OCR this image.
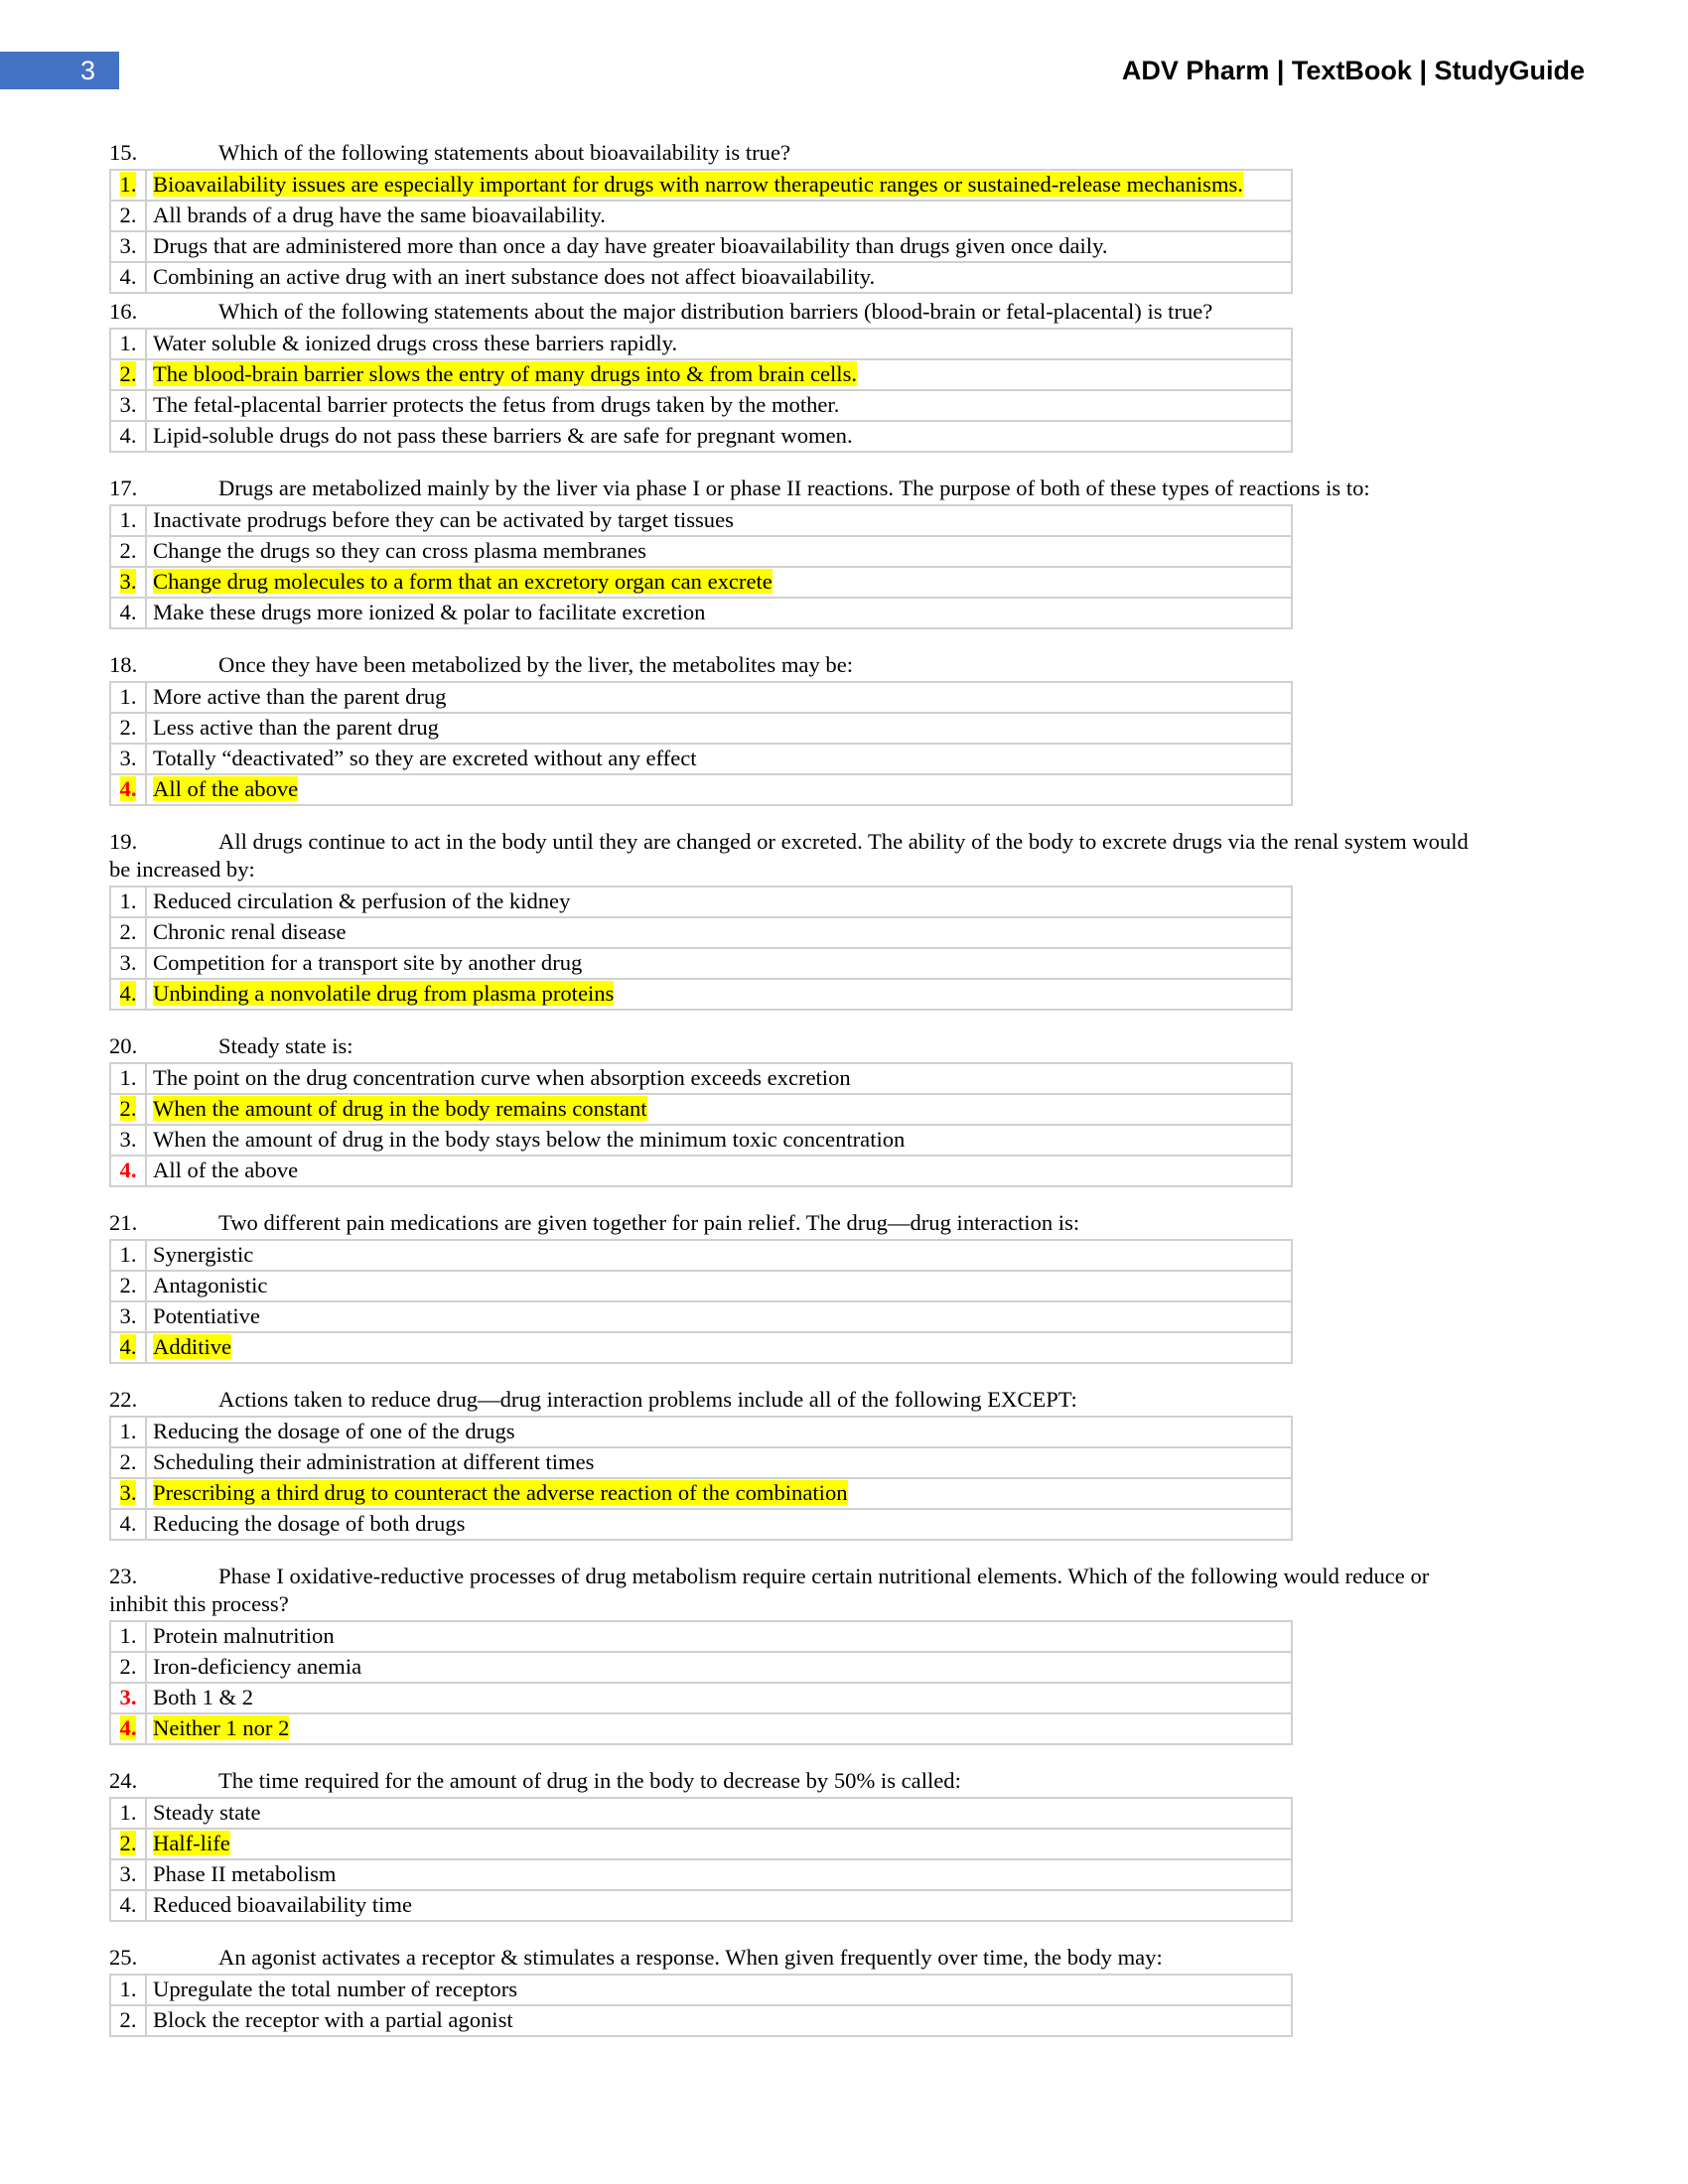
3	ADV Pharm | TextBook | StudyGuide
15.	Which of the following statements about bioavailability is true?
1.	Bioavailability issues are especially important for drugs with narrow therapeutic ranges or sustained-release mechanisms.
2.	All brands of a drug have the same bioavailability.
3.	Drugs that are administered more than once a day have greater bioavailability than drugs given once daily.
4.	Combining an active drug with an inert substance does not affect bioavailability.
16.	Which of the following statements about the major distribution barriers (blood-brain or fetal-placental) is true?
1.	Water soluble & ionized drugs cross these barriers rapidly.
2.	The blood-brain barrier slows the entry of many drugs into & from brain cells.
3.	The fetal-placental barrier protects the fetus from drugs taken by the mother.
4.	Lipid-soluble drugs do not pass these barriers & are safe for pregnant women.
17.	Drugs are metabolized mainly by the liver via phase I or phase II reactions. The purpose of both of these types of reactions is to:
1.	Inactivate prodrugs before they can be activated by target tissues
2.	Change the drugs so they can cross plasma membranes
3.	Change drug molecules to a form that an excretory organ can excrete
4.	Make these drugs more ionized & polar to facilitate excretion
18.	Once they have been metabolized by the liver, the metabolites may be:
1.	More active than the parent drug
2.	Less active than the parent drug
3.	Totally “deactivated” so they are excreted without any effect
4.	All of the above
19.	All drugs continue to act in the body until they are changed or excreted. The ability of the body to excrete drugs via the renal system would
be increased by:
1.	Reduced circulation & perfusion of the kidney
2.	Chronic renal disease
3.	Competition for a transport site by another drug
4.	Unbinding a nonvolatile drug from plasma proteins
20.	Steady state is:
1.	The point on the drug concentration curve when absorption exceeds excretion
2.	When the amount of drug in the body remains constant
3.	When the amount of drug in the body stays below the minimum toxic concentration
4.	All of the above
21.	Two different pain medications are given together for pain relief. The drug—drug interaction is:
1.	Synergistic
2.	Antagonistic
3.	Potentiative
4.	Additive
22.	Actions taken to reduce drug—drug interaction problems include all of the following EXCEPT:
1.	Reducing the dosage of one of the drugs
2.	Scheduling their administration at different times
3.	Prescribing a third drug to counteract the adverse reaction of the combination
4.	Reducing the dosage of both drugs
23.	Phase I oxidative-reductive processes of drug metabolism require certain nutritional elements. Which of the following would reduce or
inhibit this process?
1.	Protein malnutrition
2.	Iron-deficiency anemia
3.	Both 1 & 2
4.	Neither 1 nor 2
24.	The time required for the amount of drug in the body to decrease by 50% is called:
1.	Steady state
2.	Half-life
3.	Phase II metabolism
4.	Reduced bioavailability time
25.	An agonist activates a receptor & stimulates a response. When given frequently over time, the body may:
1.	Upregulate the total number of receptors
2.	Block the receptor with a partial agonist
